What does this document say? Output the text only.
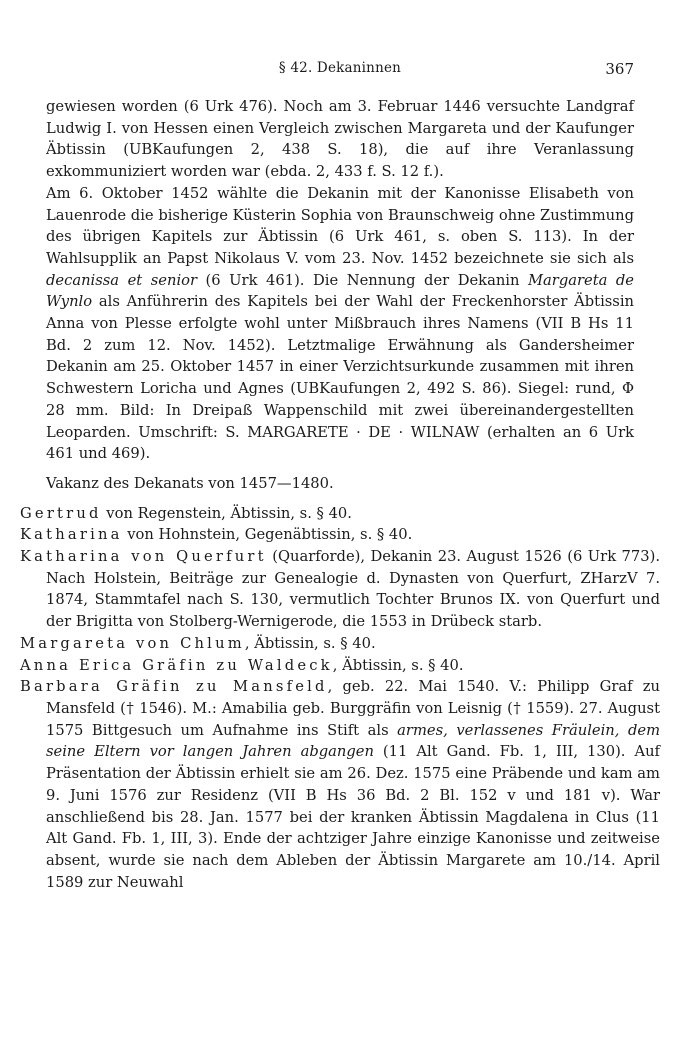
§ 42. Dekaninnen	367

gewiesen worden (6 Urk 476). Noch am 3. Februar 1446 versuchte Landgraf Ludwig I. von Hessen einen Vergleich zwischen Margareta und der Kaufunger Äbtissin (UBKaufungen 2, 438 S. 18), die auf ihre Veranlassung exkommuniziert worden war (ebda. 2, 433 f. S. 12 f.).

Am 6. Oktober 1452 wählte die Dekanin mit der Kanonisse Elisabeth von Lauenrode die bisherige Küsterin Sophia von Braunschweig ohne Zustimmung des übrigen Kapitels zur Äbtissin (6 Urk 461, s. oben S. 113). In der Wahlsupplik an Papst Nikolaus V. vom 23. Nov. 1452 bezeichnete sie sich als decanissa et senior (6 Urk 461). Die Nennung der Dekanin Margareta de Wynlo als Anführerin des Kapitels bei der Wahl der Freckenhorster Äbtissin Anna von Plesse erfolgte wohl unter Mißbrauch ihres Namens (VII B Hs 11 Bd. 2 zum 12. Nov. 1452). Letztmalige Erwähnung als Gandersheimer Dekanin am 25. Oktober 1457 in einer Verzichtsurkunde zusammen mit ihren Schwestern Loricha und Agnes (UBKaufungen 2, 492 S. 86). Siegel: rund, Φ 28 mm. Bild: In Dreipaß Wappenschild mit zwei übereinandergestellten Leoparden. Umschrift: S. MARGARETE · DE · WILNAW (erhalten an 6 Urk 461 und 469).

Vakanz des Dekanats von 1457—1480.

Gertrud von Regenstein, Äbtissin, s. § 40.

Katharina von Hohnstein, Gegenäbtissin, s. § 40.

Katharina von Querfurt (Quarforde), Dekanin 23. August 1526 (6 Urk 773). Nach Holstein, Beiträge zur Genealogie d. Dynasten von Querfurt, ZHarzV 7. 1874, Stammtafel nach S. 130, vermutlich Tochter Brunos IX. von Querfurt und der Brigitta von Stolberg-Wernigerode, die 1553 in Drübeck starb.

Margareta von Chlum, Äbtissin, s. § 40.

Anna Erica Gräfin zu Waldeck, Äbtissin, s. § 40.

Barbara Gräfin zu Mansfeld, geb. 22. Mai 1540. V.: Philipp Graf zu Mansfeld († 1546). M.: Amabilia geb. Burggräfin von Leisnig († 1559). 27. August 1575 Bittgesuch um Aufnahme ins Stift als armes, verlassenes Fräulein, dem seine Eltern vor langen Jahren abgangen (11 Alt Gand. Fb. 1, III, 130). Auf Präsentation der Äbtissin erhielt sie am 26. Dez. 1575 eine Präbende und kam am 9. Juni 1576 zur Residenz (VII B Hs 36 Bd. 2 Bl. 152 v und 181 v). War anschließend bis 28. Jan. 1577 bei der kranken Äbtissin Magdalena in Clus (11 Alt Gand. Fb. 1, III, 3). Ende der achtziger Jahre einzige Kanonisse und zeitweise absent, wurde sie nach dem Ableben der Äbtissin Margarete am 10./14. April 1589 zur Neuwahl
